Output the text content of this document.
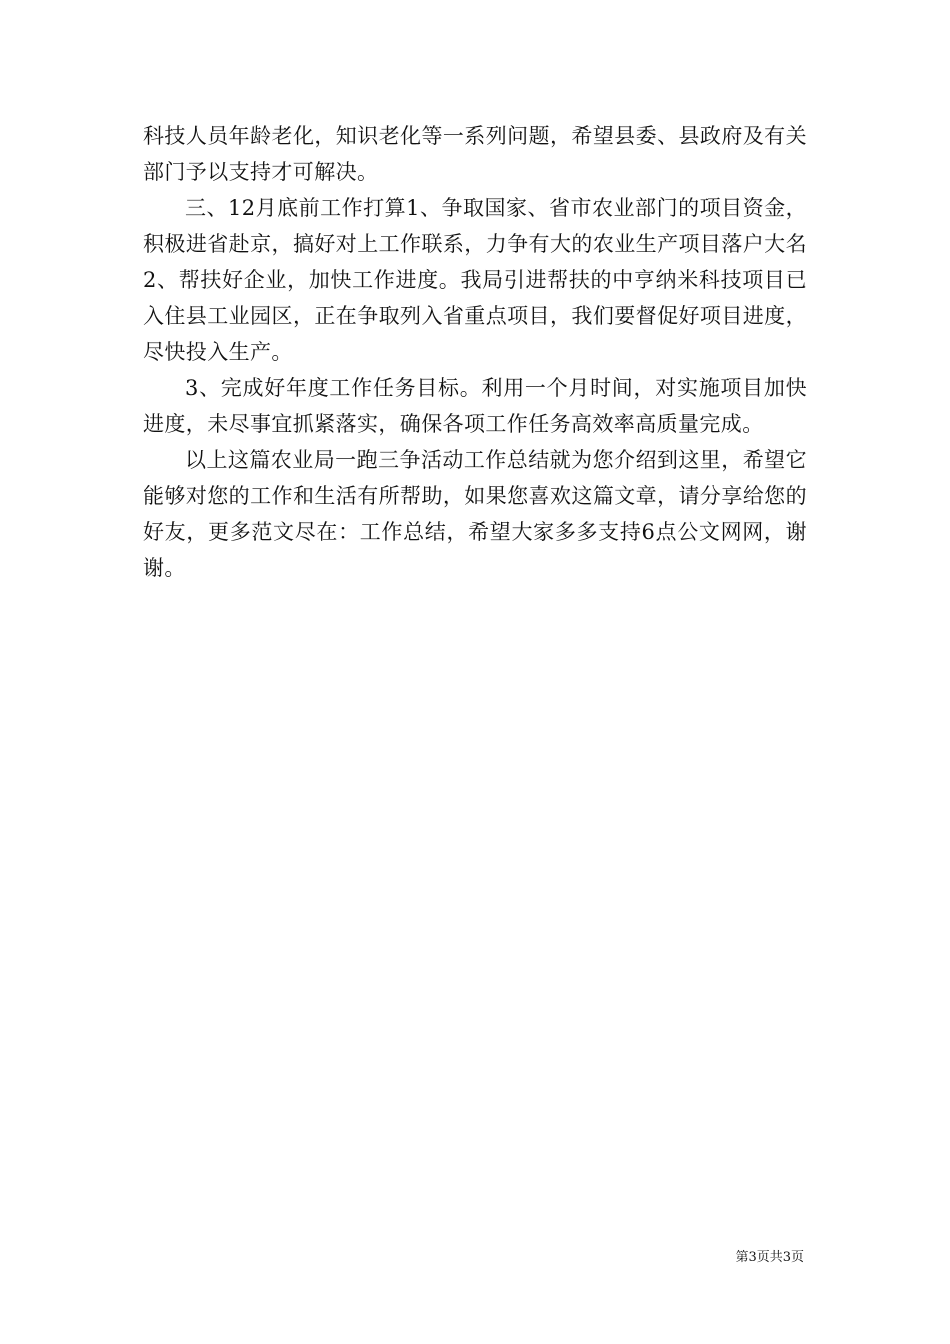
科技人员年龄老化，知识老化等一系列问题，希望县委、县政府及有关部门予以支持才可解决。

三、12月底前工作打算1、争取国家、省市农业部门的项目资金，积极进省赴京，搞好对上工作联系，力争有大的农业生产项目落户大名2、帮扶好企业，加快工作进度。我局引进帮扶的中亨纳米科技项目已入住县工业园区，正在争取列入省重点项目，我们要督促好项目进度，尽快投入生产。

3、完成好年度工作任务目标。利用一个月时间，对实施项目加快进度，未尽事宜抓紧落实，确保各项工作任务高效率高质量完成。

以上这篇农业局一跑三争活动工作总结就为您介绍到这里，希望它能够对您的工作和生活有所帮助，如果您喜欢这篇文章，请分享给您的好友，更多范文尽在：工作总结，希望大家多多支持6点公文网网，谢谢。

第3页共3页
